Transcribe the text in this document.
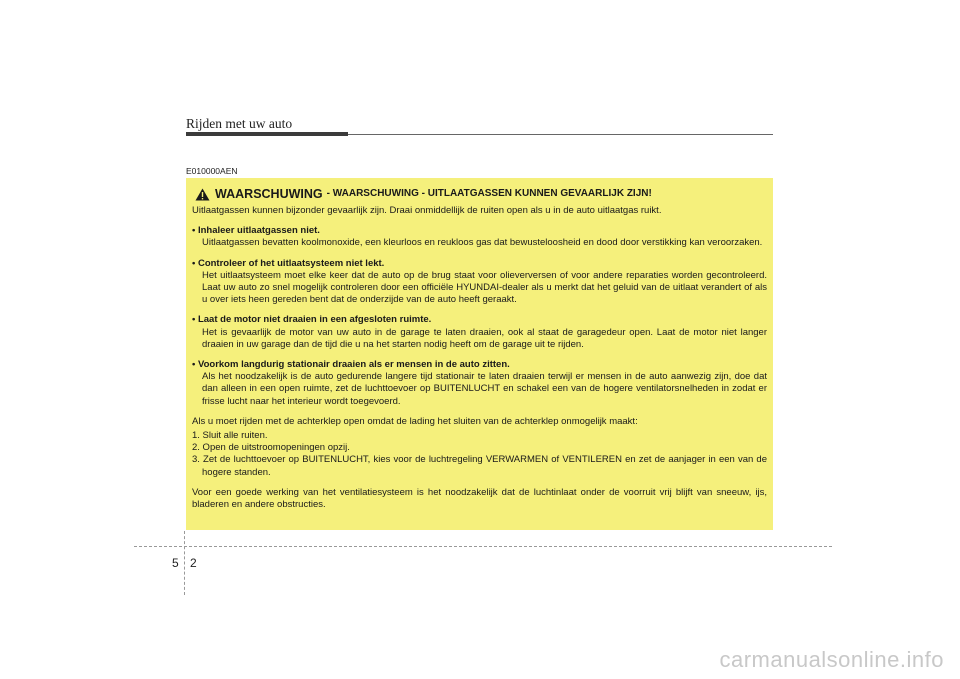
Rijden met uw auto
E010000AEN
WAARSCHUWING - WAARSCHUWING - UITLAATGASSEN KUNNEN GEVAARLIJK ZIJN!

Uitlaatgassen kunnen bijzonder gevaarlijk zijn. Draai onmiddellijk de ruiten open als u in de auto uitlaatgas ruikt.

• Inhaleer uitlaatgassen niet.
Uitlaatgassen bevatten koolmonoxide, een kleurloos en reukloos gas dat bewusteloosheid en dood door verstikking kan veroorzaken.
• Controleer of het uitlaatsysteem niet lekt.
Het uitlaatsysteem moet elke keer dat de auto op de brug staat voor olieverversen of voor andere reparaties worden gecontroleerd. Laat uw auto zo snel mogelijk controleren door een officiële HYUNDAI-dealer als u merkt dat het geluid van de uitlaat verandert of als u over iets heen gereden bent dat de onderzijde van de auto heeft geraakt.
• Laat de motor niet draaien in een afgesloten ruimte.
Het is gevaarlijk de motor van uw auto in de garage te laten draaien, ook al staat de garagedeur open. Laat de motor niet langer draaien in uw garage dan de tijd die u na het starten nodig heeft om de garage uit te rijden.
• Voorkom langdurig stationair draaien als er mensen in de auto zitten.
Als het noodzakelijk is de auto gedurende langere tijd stationair te laten draaien terwijl er mensen in de auto aanwezig zijn, doe dat dan alleen in een open ruimte, zet de luchttoevoer op BUITENLUCHT en schakel een van de hogere ventilatorsnelheden in zodat er frisse lucht naar het interieur wordt toegevoerd.

Als u moet rijden met de achterklep open omdat de lading het sluiten van de achterklep onmogelijk maakt:

1. Sluit alle ruiten.
2. Open de uitstroomopeningen opzij.
3. Zet de luchttoevoer op BUITENLUCHT, kies voor de luchtregeling VERWARMEN of VENTILEREN en zet de aanjager in een van de hogere standen.

Voor een goede werking van het ventilatiesysteem is het noodzakelijk dat de luchtinlaat onder de voorruit vrij blijft van sneeuw, ijs, bladeren en andere obstructies.

5 2
carmanualsonline.info
